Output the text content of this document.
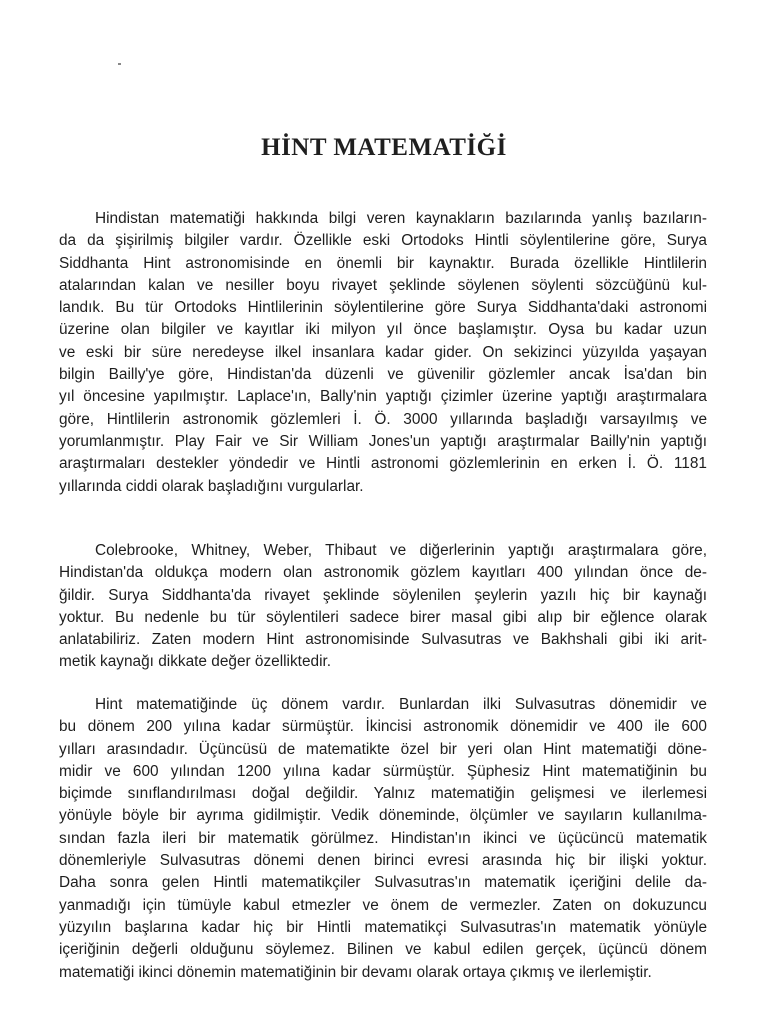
HİNT MATEMATİĞİ

Hindistan matematiği hakkında bilgi veren kaynakların bazılarında yanlış bazıların-
da da şişirilmiş bilgiler vardır. Özellikle eski Ortodoks Hintli söylentilerine göre, Surya
Siddhanta Hint astronomisinde en önemli bir kaynaktır. Burada özellikle Hintlilerin
atalarından kalan ve nesiller boyu rivayet şeklinde söylenen söylenti sözcüğünü kul-
landık. Bu tür Ortodoks Hintlilerinin söylentilerine göre Surya Siddhanta'daki astronomi
üzerine olan bilgiler ve kayıtlar iki milyon yıl önce başlamıştır. Oysa bu kadar uzun
ve eski bir süre neredeyse ilkel insanlara kadar gider. On sekizinci yüzyılda yaşayan
bilgin Bailly'ye göre, Hindistan'da düzenli ve güvenilir gözlemler ancak İsa'dan bin
yıl öncesine yapılmıştır. Laplace'ın, Bally'nin yaptığı çizimler üzerine yaptığı araştırmalara
göre, Hintlilerin astronomik gözlemleri İ. Ö. 3000 yıllarında başladığı varsayılmış ve
yorumlanmıştır. Play Fair ve Sir William Jones'un yaptığı araştırmalar Bailly'nin yaptığı
araştırmaları destekler yöndedir ve Hintli astronomi gözlemlerinin en erken İ. Ö. 1181
yıllarında ciddi olarak başladığını vurgularlar.

Colebrooke, Whitney, Weber, Thibaut ve diğerlerinin yaptığı araştırmalara göre,
Hindistan'da oldukça modern olan astronomik gözlem kayıtları 400 yılından önce de-
ğildir. Surya Siddhanta'da rivayet şeklinde söylenilen şeylerin yazılı hiç bir kaynağı
yoktur. Bu nedenle bu tür söylentileri sadece birer masal gibi alıp bir eğlence olarak
anlatabiliriz. Zaten modern Hint astronomisinde Sulvasutras ve Bakhshali gibi iki arit-
metik kaynağı dikkate değer özelliktedir.

Hint matematiğinde üç dönem vardır. Bunlardan ilki Sulvasutras dönemidir ve
bu dönem 200 yılına kadar sürmüştür. İkincisi astronomik dönemidir ve 400 ile 600
yılları arasındadır. Üçüncüsü de matematikte özel bir yeri olan Hint matematiği döne-
midir ve 600 yılından 1200 yılına kadar sürmüştür. Şüphesiz Hint matematiğinin bu
biçimde sınıflandırılması doğal değildir. Yalnız matematiğin gelişmesi ve ilerlemesi
yönüyle böyle bir ayrıma gidilmiştir. Vedik döneminde, ölçümler ve sayıların kullanılma-
sından fazla ileri bir matematik görülmez. Hindistan'ın ikinci ve üçücüncü matematik
dönemleriyle Sulvasutras dönemi denen birinci evresi arasında hiç bir ilişki yoktur.
Daha sonra gelen Hintli matematikçiler Sulvasutras'ın matematik içeriğini delile da-
yanmadığı için tümüyle kabul etmezler ve önem de vermezler. Zaten on dokuzuncu
yüzyılın başlarına kadar hiç bir Hintli matematikçi Sulvasutras'ın matematik yönüyle
içeriğinin değerli olduğunu söylemez. Bilinen ve kabul edilen gerçek, üçüncü dönem
matematiği ikinci dönemin matematiğinin bir devamı olarak ortaya çıkmış ve ilerlemiştir.
